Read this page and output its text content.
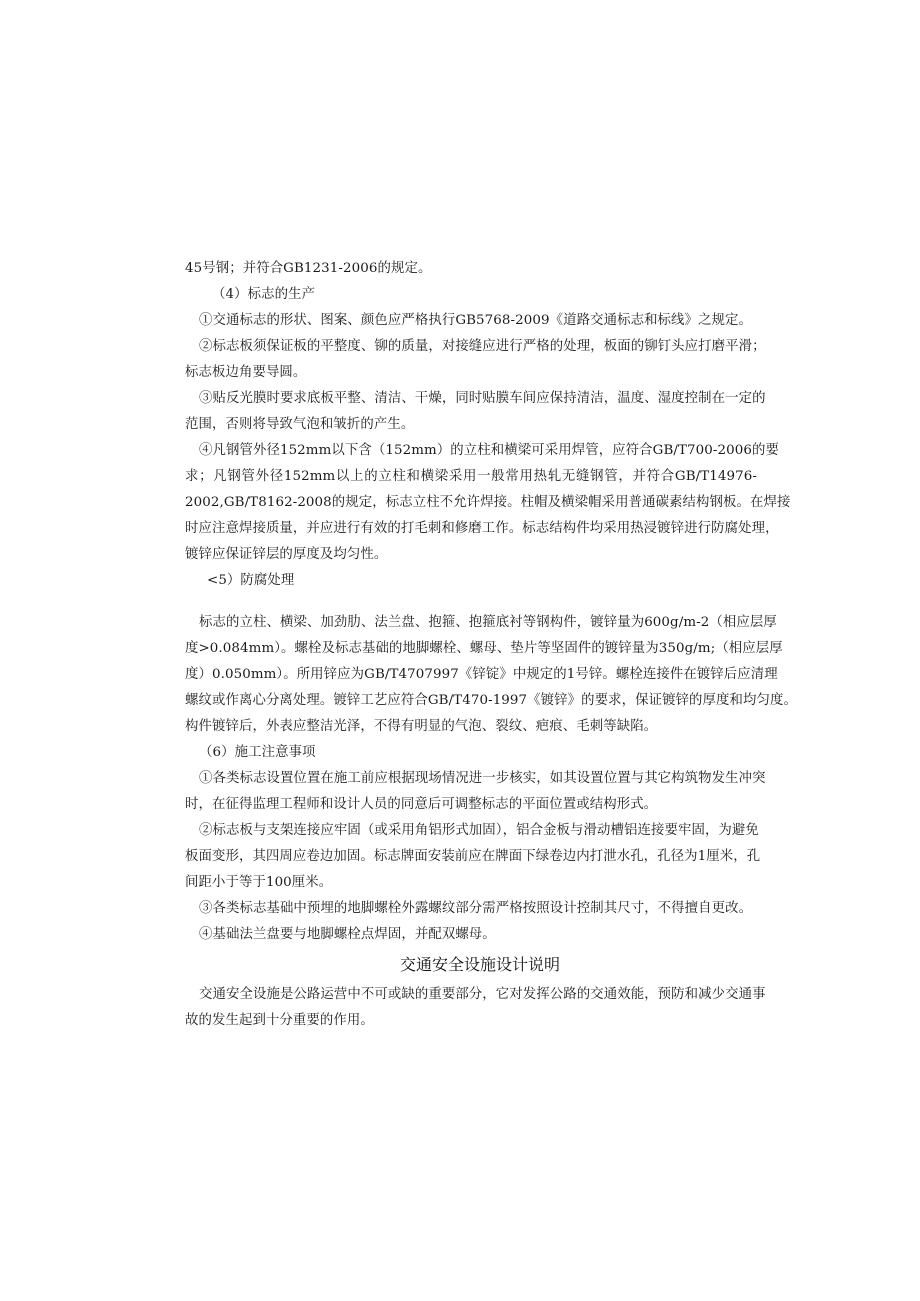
45号钢；并符合GB1231-2006的规定。
（4）标志的生产
①交通标志的形状、图案、颜色应严格执行GB5768-2009《道路交通标志和标线》之规定。
②标志板须保证板的平整度、铆的质量，对接缝应进行严格的处理，板面的铆钉头应打磨平滑；
标志板边角要导圆。
③贴反光膜时要求底板平整、清洁、干燥，同时贴膜车间应保持清洁，温度、湿度控制在一定的
范围，否则将导致气泡和皱折的产生。
④凡钢管外径152mm以下含（152mm）的立柱和横梁可采用焊管，应符合GB/T700-2006的要
求；凡钢管外径152mm以上的立柱和横梁采用一般常用热轧无缝钢管，并符合GB/T14976-
2002,GB/T8162-2008的规定，标志立柱不允许焊接。柱帽及横梁帽采用普通碳素结构钢板。在焊接
时应注意焊接质量，并应进行有效的打毛刺和修磨工作。标志结构件均采用热浸镀锌进行防腐处理，
镀锌应保证锌层的厚度及均匀性。
<5）防腐处理
标志的立柱、横梁、加劲肋、法兰盘、抱箍、抱箍底衬等钢构件，镀锌量为600g/m-2（相应层厚
度>0.084mm）。螺栓及标志基础的地脚螺栓、螺母、垫片等坚固件的镀锌量为350g/m;（相应层厚
度）0.050mm）。所用锌应为GB/T4707997《锌锭》中规定的1号锌。螺栓连接件在镀锌后应清理
螺纹或作离心分离处理。镀锌工艺应符合GB/T470-1997《镀锌》的要求，保证镀锌的厚度和均匀度。
构件镀锌后，外表应整洁光泽，不得有明显的气泡、裂纹、疤痕、毛刺等缺陷。
（6）施工注意事项
①各类标志设置位置在施工前应根据现场情况进一步核实，如其设置位置与其它构筑物发生冲突
时，在征得监理工程师和设计人员的同意后可调整标志的平面位置或结构形式。
②标志板与支架连接应牢固（或采用角铝形式加固），铝合金板与滑动槽铝连接要牢固，为避免
板面变形，其四周应卷边加固。标志牌面安装前应在牌面下绿卷边内打泄水孔，孔径为1厘米，孔
间距小于等于100厘米。
③各类标志基础中预埋的地脚螺栓外露螺纹部分需严格按照设计控制其尺寸，不得擅自更改。
④基础法兰盘要与地脚螺栓点焊固，并配双螺母。
交通安全设施设计说明
交通安全设施是公路运营中不可或缺的重要部分，它对发挥公路的交通效能，预防和减少交通事
故的发生起到十分重要的作用。
